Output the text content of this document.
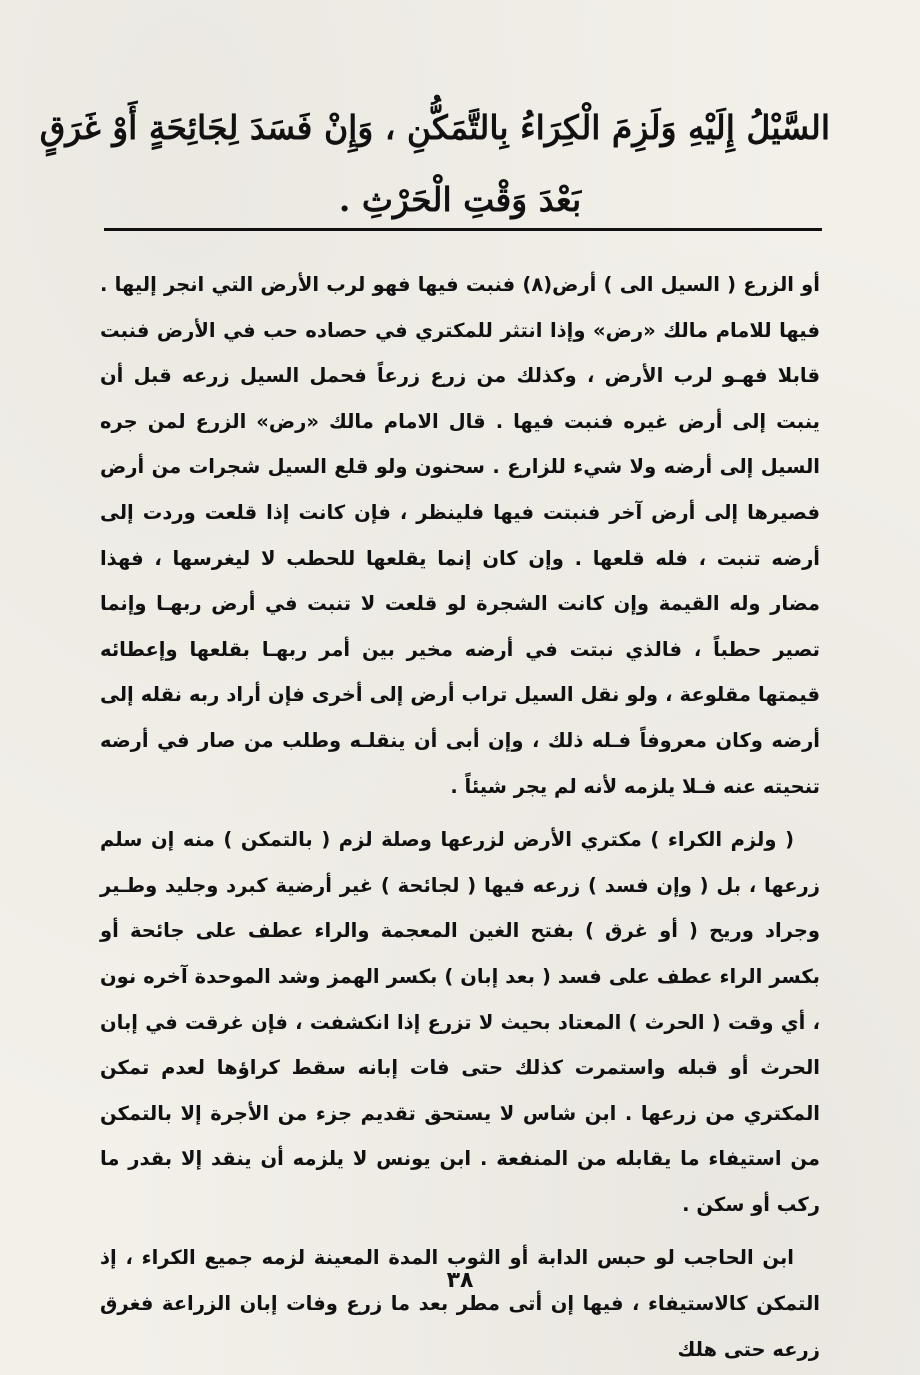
السَّيْلُ إِلَيْهِ وَلَزِمَ الْكِرَاءُ بِالتَّمَكُّنِ ، وَإِنْ فَسَدَ لِجَائِحَةٍ أَوْ غَرَقٍ
بَعْدَ وَقْتِ الْحَرْثِ .

أو الزرع ( السيل الى ) أرض(٨) فنبت فيها فهو لرب الأرض التي انجر إليها . فيها للامام مالك «رض» وإذا انتثر للمكتري في حصاده حب في الأرض فنبت قابلا فهـو لرب الأرض ، وكذلك من زرع زرعاً فحمل السيل زرعه قبل أن ينبت إلى أرض غيره فنبت فيها . قال الامام مالك «رض» الزرع لمن جره السيل إلى أرضه ولا شيء للزارع . سحنون ولو قلع السيل شجرات من أرض فصيرها إلى أرض آخر فنبتت فيها فلينظر ، فإن كانت إذا قلعت وردت إلى أرضه تنبت ، فله قلعها . وإن كان إنما يقلعها للحطب لا ليغرسها ، فهذا مضار وله القيمة وإن كانت الشجرة لو قلعت لا تنبت في أرض ربهـا وإنما تصير حطباً ، فالذي نبتت في أرضه مخير بين أمر ربهـا بقلعها وإعطائه قيمتها مقلوعة ، ولو نقل السيل تراب أرض إلى أخرى فإن أراد ربه نقله إلى أرضه وكان معروفاً فـله ذلك ، وإن أبى أن ينقلـه وطلب من صار في أرضه تنحيته عنه فـلا يلزمه لأنه لم يجر شيئاً .

( ولزم الكراء ) مكتري الأرض لزرعها وصلة لزم ( بالتمكن ) منه إن سلم زرعها ، بل ( وإن فسد ) زرعه فيها ( لجائحة ) غير أرضية كبرد وجليد وطـير وجراد وريح ( أو غرق ) بفتح الغين المعجمة والراء عطف على جائحة أو بكسر الراء عطف على فسد ( بعد إبان ) بكسر الهمز وشد الموحدة آخره نون ، أي وقت ( الحرث ) المعتاد بحيث لا تزرع إذا انكشفت ، فإن غرقت في إبان الحرث أو قبله واستمرت كذلك حتى فات إبانه سقط كراؤها لعدم تمكن المكتري من زرعها . ابن شاس لا يستحق تقديم جزء من الأجرة إلا بالتمكن من استيفاء ما يقابله من المنفعة . ابن يونس لا يلزمه أن ينقد إلا بقدر ما ركب أو سكن .

ابن الحاجب لو حبس الدابة أو الثوب المدة المعينة لزمه جميع الكراء ، إذ التمكن كالاستيفاء ، فيها إن أتى مطر بعد ما زرع وفات إبان الزراعة فغرق زرعه حتى هلك

٣٨
